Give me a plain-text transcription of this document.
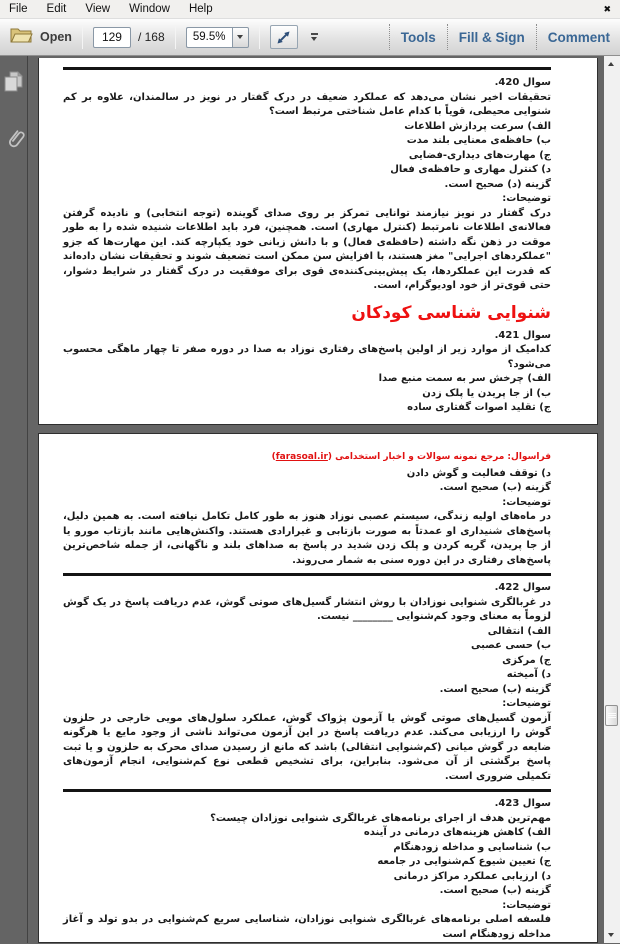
File Edit View Window Help	✖
Open	129	/ 168	59.5%	Tools Fill & Sign Comment
سوال 420.
تحقیقات اخیر نشان می‌دهد که عملکرد ضعیف در درک گفتار در نویز در سالمندان، علاوه بر کم شنوایی محیطی، قویاً با کدام عامل شناختی مرتبط است؟
الف) سرعت پردازش اطلاعات
ب) حافظه‌ی معنایی بلند مدت
ج) مهارت‌های دیداری-فضایی
د) کنترل مهاری و حافظه‌ی فعال
گزینه (د) صحیح است.
توضیحات:
درک گفتار در نویز نیازمند توانایی تمرکز بر روی صدای گوینده (توجه انتخابی) و نادیده گرفتن فعالانه‌ی اطلاعات نامرتبط (کنترل مهاری) است. همچنین، فرد باید اطلاعات شنیده شده را به طور موقت در ذهن نگه داشته (حافظه‌ی فعال) و با دانش زبانی خود یکپارچه کند. این مهارت‌ها که جزو "عملکردهای اجرایی" مغز هستند، با افزایش سن ممکن است تضعیف شوند و تحقیقات نشان داده‌اند که قدرت این عملکردها، یک پیش‌بینی‌کننده‌ی قوی برای موفقیت در درک گفتار در شرایط دشوار، حتی قوی‌تر از خود اودیوگرام، است.
شنوایی شناسی کودکان
سوال 421.
کدامیک از موارد زیر از اولین پاسخ‌های رفتاری نوزاد به صدا در دوره صفر تا چهار ماهگی محسوب می‌شود؟
الف) چرخش سر به سمت منبع صدا
ب) از جا پریدن یا پلک زدن
ج) تقلید اصوات گفتاری ساده
فراسوال: مرجع نمونه سوالات و اخبار استخدامی (farasoal.ir)
د) توقف فعالیت و گوش دادن
گزینه (ب) صحیح است.
توضیحات:
در ماه‌های اولیه زندگی، سیستم عصبی نوزاد هنوز به طور کامل تکامل نیافته است. به همین دلیل، پاسخ‌های شنیداری او عمدتاً به صورت بازتابی و غیرارادی هستند. واکنش‌هایی مانند بازتاب مورو یا از جا پریدن، گریه کردن و پلک زدن شدید در پاسخ به صداهای بلند و ناگهانی، از جمله شاخص‌ترین پاسخ‌های رفتاری در این دوره سنی به شمار می‌روند.
سوال 422.
در غربالگری شنوایی نوزادان با روش انتشار گسیل‌های صوتی گوش، عدم دریافت پاسخ در یک گوش لزوماً به معنای وجود کم‌شنوایی ________ نیست.
الف) انتقالی
ب) حسی عصبی
ج) مرکزی
د) آمیخته
گزینه (ب) صحیح است.
توضیحات:
آزمون گسیل‌های صوتی گوش یا آزمون پژواک گوش، عملکرد سلول‌های مویی خارجی در حلزون گوش را ارزیابی می‌کند. عدم دریافت پاسخ در این آزمون می‌تواند ناشی از وجود مایع یا هرگونه ضایعه در گوش میانی (کم‌شنوایی انتقالی) باشد که مانع از رسیدن صدای محرک به حلزون و یا ثبت پاسخ برگشتی از آن می‌شود. بنابراین، برای تشخیص قطعی نوع کم‌شنوایی، انجام آزمون‌های تکمیلی ضروری است.
سوال 423.
مهم‌ترین هدف از اجرای برنامه‌های غربالگری شنوایی نوزادان چیست؟
الف) کاهش هزینه‌های درمانی در آینده
ب) شناسایی و مداخله زودهنگام
ج) تعیین شیوع کم‌شنوایی در جامعه
د) ارزیابی عملکرد مراکز درمانی
گزینه (ب) صحیح است.
توضیحات:
فلسفه اصلی برنامه‌های غربالگری شنوایی نوزادان، شناسایی سریع کم‌شنوایی در بدو تولد و آغاز مداخله زودهنگام است
